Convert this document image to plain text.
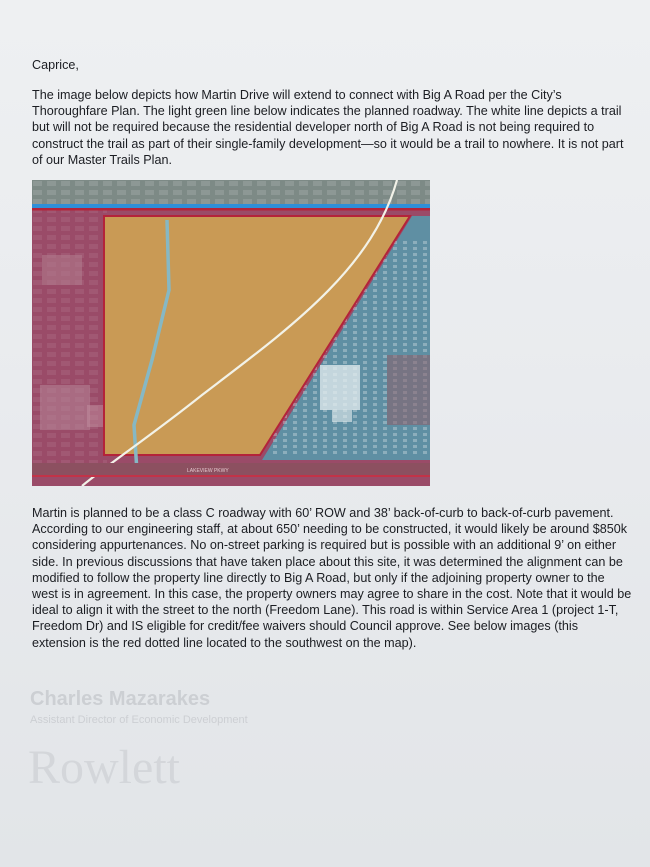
Charles Mazarakes
Assistant Director of Economic Development
Rowlett
Caprice,
The image below depicts how Martin Drive will extend to connect with Big A Road per the City’s Thoroughfare Plan. The light green line below indicates the planned roadway. The white line depicts a trail but will not be required because the residential developer north of Big A Road is not being required to construct the trail as part of their single-family development—so it would be a trail to nowhere. It is not part of our Master Trails Plan.
LAKEVIEW PKWY
Martin is planned to be a class C roadway with 60’ ROW and 38’ back-of-curb to back-of-curb pavement. According to our engineering staff, at about 650’ needing to be constructed, it would likely be around $850k considering appurtenances. No on-street parking is required but is possible with an additional 9’ on either side. In previous discussions that have taken place about this site, it was determined the alignment can be modified to follow the property line directly to Big A Road, but only if the adjoining property owner to the west is in agreement. In this case, the property owners may agree to share in the cost. Note that it would be ideal to align it with the street to the north (Freedom Lane). This road is within Service Area 1 (project 1-T, Freedom Dr) and IS eligible for credit/fee waivers should Council approve. See below images (this extension is the red dotted line located to the southwest on the map).
